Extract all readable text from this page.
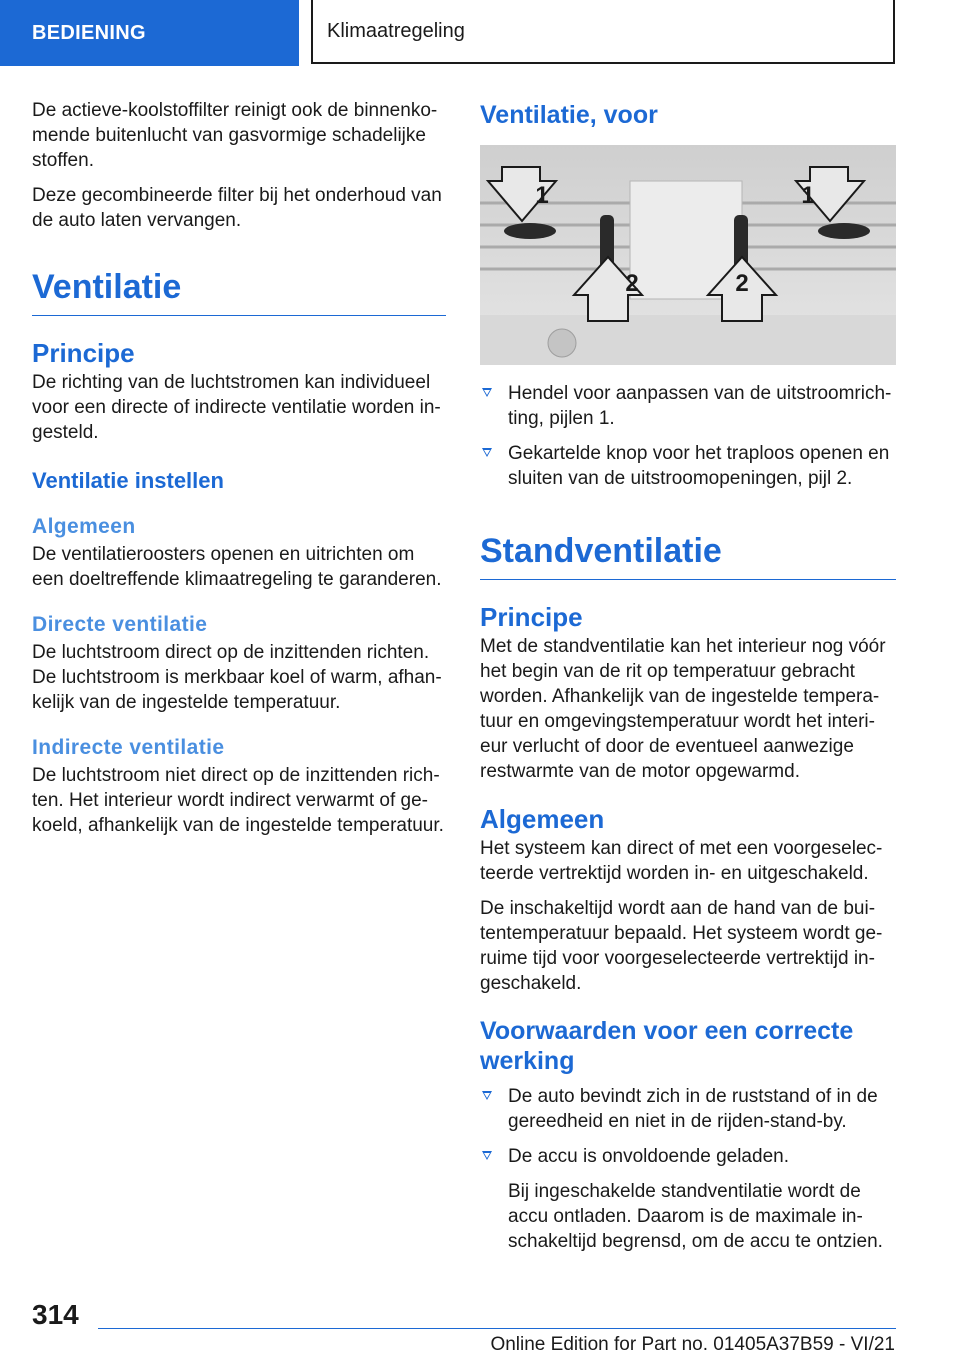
BEDIENING	Klimaatregeling

De actieve-koolstoffilter reinigt ook de binnenko-mende buitenlucht van gasvormige schadelijke stoffen.

Deze gecombineerde filter bij het onderhoud van de auto laten vervangen.

Ventilatie
Principe

De richting van de luchtstromen kan individueel voor een directe of indirecte ventilatie worden in-gesteld.

Ventilatie instellen
Algemeen

De ventilatieroosters openen en uitrichten om een doeltreffende klimaatregeling te garanderen.

Directe ventilatie

De luchtstroom direct op de inzittenden richten. De luchtstroom is merkbaar koel of warm, afhan-kelijk van de ingestelde temperatuur.

Indirecte ventilatie

De luchtstroom niet direct op de inzittenden rich-ten. Het interieur wordt indirect verwarmt of ge-koeld, afhankelijk van de ingestelde temperatuur.

Ventilatie, voor
1
2	2
1
Hendel voor aanpassen van de uitstroomrich-ting, pijlen 1.
Gekartelde knop voor het traploos openen en sluiten van de uitstroomopeningen, pijl 2.
Standventilatie
Principe

Met de standventilatie kan het interieur nog vóór het begin van de rit op temperatuur gebracht worden. Afhankelijk van de ingestelde tempera-tuur en omgevingstemperatuur wordt het interi-eur verlucht of door de eventueel aanwezige restwarmte van de motor opgewarmd.

Algemeen

Het systeem kan direct of met een voorgeselec-teerde vertrektijd worden in- en uitgeschakeld.

De inschakeltijd wordt aan de hand van de bui-tentemperatuur bepaald. Het systeem wordt ge-ruime tijd voor voorgeselecteerde vertrektijd in-geschakeld.

Voorwaarden voor een correcte werking
De auto bevindt zich in de ruststand of in de gereedheid en niet in de rijden-stand-by.
De accu is onvoldoende geladen.

Bij ingeschakelde standventilatie wordt de accu ontladen. Daarom is de maximale in-schakeltijd begrensd, om de accu te ontzien.

314
Online Edition for Part no. 01405A37B59 - VI/21
